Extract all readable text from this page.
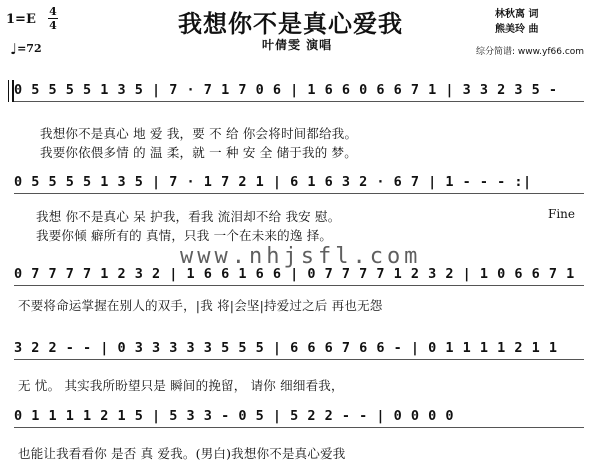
1=E
4
4
♩=72
我想你不是真心爱我
叶倩雯 演唱
林秋离 词
熊美玲 曲
综分简谱: www.yf66.com
0 5 5 5 5 1 3 5 | 7 · 7 1 7 0 6 | 1 6 6 0 6 6 7 1 | 3 3 2 3 5 -
我想你不是真心 地 爱 我，要 不 给 你会将时间都给我。
我要你依偎多情 的 温 柔，就 一 种 安 全 储于我的 梦。
0 5 5 5 5 1 3 5 | 7 · 1 7 2 1 | 6 1 6 3 2 · 6 7 | 1 - - - :|
我想 你不是真心 呆 护我，看我 流泪却不给 我安 慰。
我要你倾 癖所有的 真情，只我 一个在未来的逸 择。
Fine
0 7 7 7 7 1 2 3 2 | 1 6 6 1 6 6 | 0 7 7 7 7 1 2 3 2 | 1 0 6 6 7 1
www.nhjsfl.com
不要将命运掌握在别人的双手，|我 将|会坚|持爱过之后 再也无怨
3 2 2 - - | 0 3 3 3 3 3 5 5 5 | 6 6 6 7 6 6 - | 0 1 1 1 1 2 1 1
无 忧。 其实我所盼望只是 瞬间的挽留， 请你 细细看我，
0 1 1 1 1 2 1 5 | 5 3 3 - 0 5 | 5 2 2 - - | 0 0 0 0
也能让我看看你 是否 真 爱我。(男白)我想你不是真心爱我
